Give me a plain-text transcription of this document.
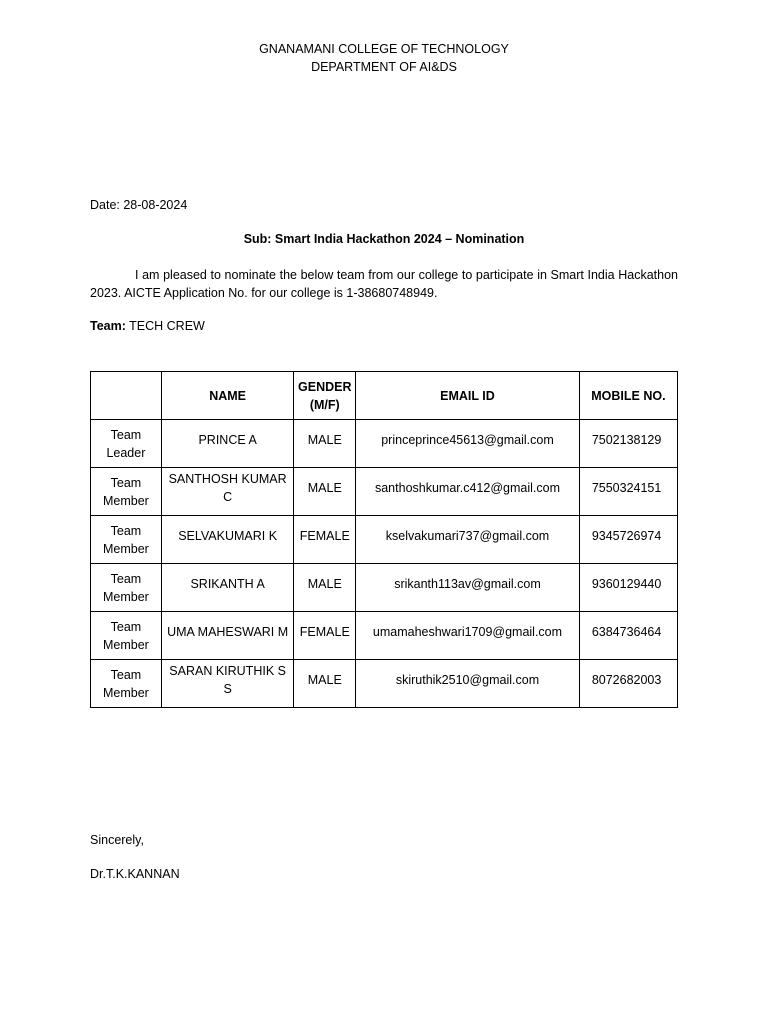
GNANAMANI COLLEGE OF TECHNOLOGY
DEPARTMENT OF AI&DS
Date: 28-08-2024
Sub: Smart India Hackathon 2024 – Nomination
I am pleased to nominate the below team from our college to participate in Smart India Hackathon 2023. AICTE Application No. for our college is 1-38680748949.
Team: TECH CREW
	NAME	GENDER (M/F)	EMAIL ID	MOBILE NO.
Team Leader	PRINCE A	MALE	princeprince45613@gmail.com	7502138129

Team Member	SANTHOSH KUMAR C	MALE	santhoshkumar.c412@gmail.com	7550324151

Team Member	SELVAKUMARI K	FEMALE	kselvakumari737@gmail.com	9345726974

Team Member	SRIKANTH A	MALE	srikanth113av@gmail.com	9360129440

Team Member	UMA MAHESWARI M	FEMALE	umamaheshwari1709@gmail.com	6384736464

Team Member	SARAN KIRUTHIK S S	MALE	skiruthik2510@gmail.com	8072682003
Sincerely,
Dr.T.K.KANNAN
